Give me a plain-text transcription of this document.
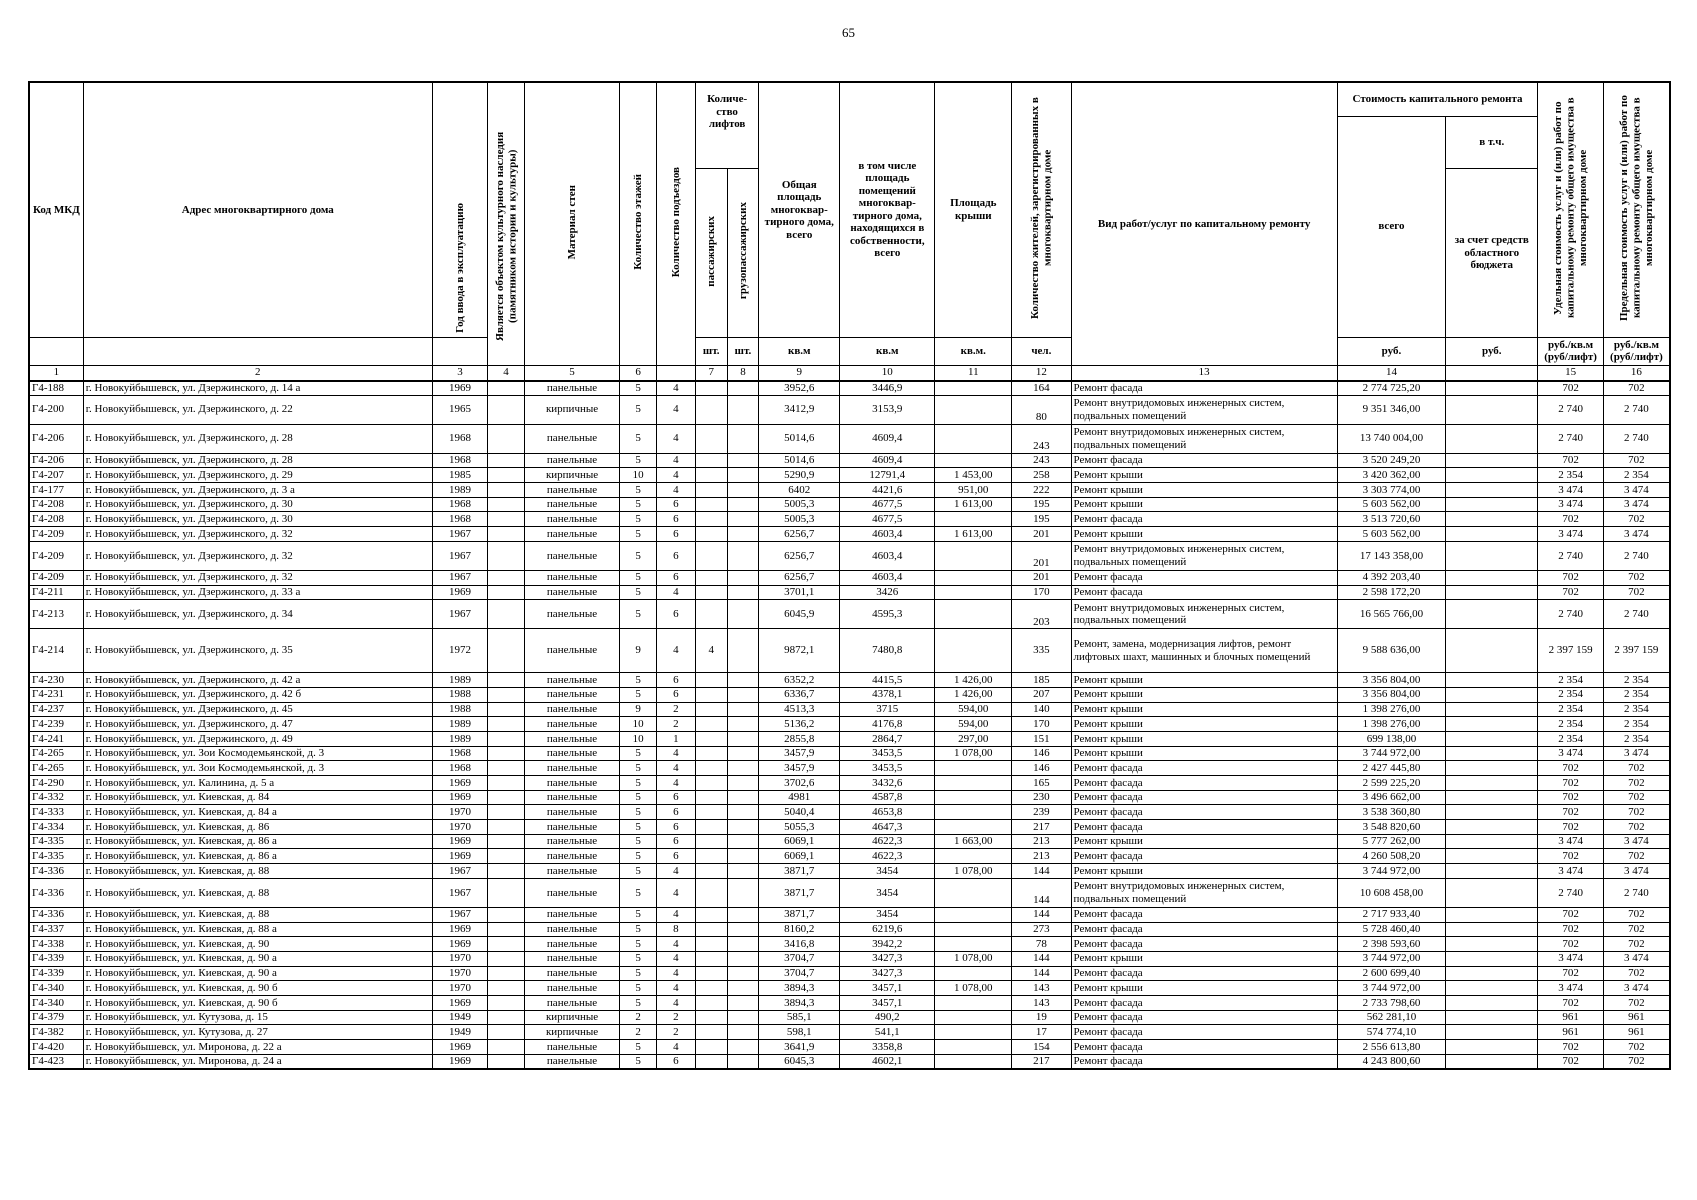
65
Код МКД	Адрес многоквартирного дома	Год ввода в эксплуатацию	Является объектом культурного наследия (памятником истории и культуры)	Материал стен	Количество этажей	Количество подъездов	Количе-ство лифтов		Общая площадь многоквар-тирного дома, всего	в том числе площадь помещений многоквар-тирного дома, находящихся в собственности, всего	Площадь крыши	Количество жителей, зарегистрированных в многоквартирном доме	Вид работ/услуг по капитальному ремонту	Стоимость капитального ремонта		Удельная стоимость услуг и (или) работ по капитальному ремонту общего имущества в многоквартирном доме	Предельная стоимость услуг и (или) работ по капитальному ремонту общего имущества в многоквартирном доме
														всего	в т.ч.		
							пассажирских	грузопассажирских							за счет средств областного бюджета		

							шт.	шт.	кв.м	кв.м	кв.м.	чел.		руб.	руб.	руб./кв.м (руб/лифт)	руб./кв.м (руб/лифт)
1	2	3	4	5	6		7	8	9	10	11	12	13	14		15	16
Г4-188	г. Новокуйбышевск, ул. Дзержинского, д. 14 а	1969		панельные	5	4			3952,6	3446,9		164	Ремонт фасада	2 774 725,20		702	702
Г4-200	г. Новокуйбышевск, ул. Дзержинского, д. 22	1965		кирпичные	5	4			3412,9	3153,9		80	Ремонт внутридомовых инженерных систем, подвальных помещений	9 351 346,00		2 740	2 740
Г4-206	г. Новокуйбышевск, ул. Дзержинского, д. 28	1968		панельные	5	4			5014,6	4609,4		243	Ремонт внутридомовых инженерных систем, подвальных помещений	13 740 004,00		2 740	2 740
Г4-206	г. Новокуйбышевск, ул. Дзержинского, д. 28	1968		панельные	5	4			5014,6	4609,4		243	Ремонт фасада	3 520 249,20		702	702
Г4-207	г. Новокуйбышевск, ул. Дзержинского, д. 29	1985		кирпичные	10	4			5290,9	12791,4	1 453,00	258	Ремонт крыши	3 420 362,00		2 354	2 354
Г4-177	г. Новокуйбышевск, ул. Дзержинского, д. 3 а	1989		панельные	5	4			6402	4421,6	951,00	222	Ремонт крыши	3 303 774,00		3 474	3 474
Г4-208	г. Новокуйбышевск, ул. Дзержинского, д. 30	1968		панельные	5	6			5005,3	4677,5	1 613,00	195	Ремонт крыши	5 603 562,00		3 474	3 474
Г4-208	г. Новокуйбышевск, ул. Дзержинского, д. 30	1968		панельные	5	6			5005,3	4677,5		195	Ремонт фасада	3 513 720,60		702	702
Г4-209	г. Новокуйбышевск, ул. Дзержинского, д. 32	1967		панельные	5	6			6256,7	4603,4	1 613,00	201	Ремонт крыши	5 603 562,00		3 474	3 474
Г4-209	г. Новокуйбышевск, ул. Дзержинского, д. 32	1967		панельные	5	6			6256,7	4603,4		201	Ремонт внутридомовых инженерных систем, подвальных помещений	17 143 358,00		2 740	2 740
Г4-209	г. Новокуйбышевск, ул. Дзержинского, д. 32	1967		панельные	5	6			6256,7	4603,4		201	Ремонт фасада	4 392 203,40		702	702
Г4-211	г. Новокуйбышевск, ул. Дзержинского, д. 33 а	1969		панельные	5	4			3701,1	3426		170	Ремонт фасада	2 598 172,20		702	702
Г4-213	г. Новокуйбышевск, ул. Дзержинского, д. 34	1967		панельные	5	6			6045,9	4595,3		203	Ремонт внутридомовых инженерных систем, подвальных помещений	16 565 766,00		2 740	2 740
Г4-214	г. Новокуйбышевск, ул. Дзержинского, д. 35	1972		панельные	9	4	4		9872,1	7480,8		335	Ремонт, замена, модернизация лифтов, ремонт лифтовых шахт, машинных и блочных помещений	9 588 636,00		2 397 159	2 397 159
Г4-230	г. Новокуйбышевск, ул. Дзержинского, д. 42 а	1989		панельные	5	6			6352,2	4415,5	1 426,00	185	Ремонт крыши	3 356 804,00		2 354	2 354
Г4-231	г. Новокуйбышевск, ул. Дзержинского, д. 42 б	1988		панельные	5	6			6336,7	4378,1	1 426,00	207	Ремонт крыши	3 356 804,00		2 354	2 354
Г4-237	г. Новокуйбышевск, ул. Дзержинского, д. 45	1988		панельные	9	2			4513,3	3715	594,00	140	Ремонт крыши	1 398 276,00		2 354	2 354
Г4-239	г. Новокуйбышевск, ул. Дзержинского, д. 47	1989		панельные	10	2			5136,2	4176,8	594,00	170	Ремонт крыши	1 398 276,00		2 354	2 354
Г4-241	г. Новокуйбышевск, ул. Дзержинского, д. 49	1989		панельные	10	1			2855,8	2864,7	297,00	151	Ремонт крыши	699 138,00		2 354	2 354
Г4-265	г. Новокуйбышевск, ул. Зои Космодемьянской, д. 3	1968		панельные	5	4			3457,9	3453,5	1 078,00	146	Ремонт крыши	3 744 972,00		3 474	3 474
Г4-265	г. Новокуйбышевск, ул. Зои Космодемьянской, д. 3	1968		панельные	5	4			3457,9	3453,5		146	Ремонт фасада	2 427 445,80		702	702
Г4-290	г. Новокуйбышевск, ул. Калинина, д. 5 а	1969		панельные	5	4			3702,6	3432,6		165	Ремонт фасада	2 599 225,20		702	702
Г4-332	г. Новокуйбышевск, ул. Киевская, д. 84	1969		панельные	5	6			4981	4587,8		230	Ремонт фасада	3 496 662,00		702	702
Г4-333	г. Новокуйбышевск, ул. Киевская, д. 84 а	1970		панельные	5	6			5040,4	4653,8		239	Ремонт фасада	3 538 360,80		702	702
Г4-334	г. Новокуйбышевск, ул. Киевская, д. 86	1970		панельные	5	6			5055,3	4647,3		217	Ремонт фасада	3 548 820,60		702	702
Г4-335	г. Новокуйбышевск, ул. Киевская, д. 86 а	1969		панельные	5	6			6069,1	4622,3	1 663,00	213	Ремонт крыши	5 777 262,00		3 474	3 474
Г4-335	г. Новокуйбышевск, ул. Киевская, д. 86 а	1969		панельные	5	6			6069,1	4622,3		213	Ремонт фасада	4 260 508,20		702	702
Г4-336	г. Новокуйбышевск, ул. Киевская, д. 88	1967		панельные	5	4			3871,7	3454	1 078,00	144	Ремонт крыши	3 744 972,00		3 474	3 474
Г4-336	г. Новокуйбышевск, ул. Киевская, д. 88	1967		панельные	5	4			3871,7	3454		144	Ремонт внутридомовых инженерных систем, подвальных помещений	10 608 458,00		2 740	2 740
Г4-336	г. Новокуйбышевск, ул. Киевская, д. 88	1967		панельные	5	4			3871,7	3454		144	Ремонт фасада	2 717 933,40		702	702
Г4-337	г. Новокуйбышевск, ул. Киевская, д. 88 а	1969		панельные	5	8			8160,2	6219,6		273	Ремонт фасада	5 728 460,40		702	702
Г4-338	г. Новокуйбышевск, ул. Киевская, д. 90	1969		панельные	5	4			3416,8	3942,2		78	Ремонт фасада	2 398 593,60		702	702
Г4-339	г. Новокуйбышевск, ул. Киевская, д. 90 а	1970		панельные	5	4			3704,7	3427,3	1 078,00	144	Ремонт крыши	3 744 972,00		3 474	3 474
Г4-339	г. Новокуйбышевск, ул. Киевская, д. 90 а	1970		панельные	5	4			3704,7	3427,3		144	Ремонт фасада	2 600 699,40		702	702
Г4-340	г. Новокуйбышевск, ул. Киевская, д. 90 б	1970		панельные	5	4			3894,3	3457,1	1 078,00	143	Ремонт крыши	3 744 972,00		3 474	3 474
Г4-340	г. Новокуйбышевск, ул. Киевская, д. 90 б	1969		панельные	5	4			3894,3	3457,1		143	Ремонт фасада	2 733 798,60		702	702
Г4-379	г. Новокуйбышевск, ул. Кутузова, д. 15	1949		кирпичные	2	2			585,1	490,2		19	Ремонт фасада	562 281,10		961	961
Г4-382	г. Новокуйбышевск, ул. Кутузова, д. 27	1949		кирпичные	2	2			598,1	541,1		17	Ремонт фасада	574 774,10		961	961
Г4-420	г. Новокуйбышевск, ул. Миронова, д. 22 а	1969		панельные	5	4			3641,9	3358,8		154	Ремонт фасада	2 556 613,80		702	702
Г4-423	г. Новокуйбышевск, ул. Миронова, д. 24 а	1969		панельные	5	6			6045,3	4602,1		217	Ремонт фасада	4 243 800,60		702	702
